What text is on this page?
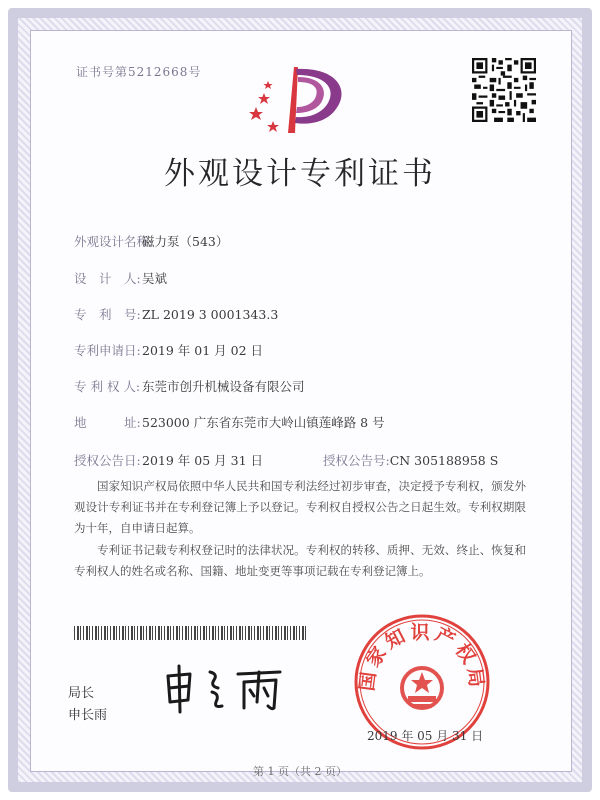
证书号第5212668号
外观设计专利证书
外观设计名称:磁力泵（543）
设　计　人:吴斌
专　利　号:ZL 2019 3 0001343.3
专利申请日:2019 年 01 月 02 日
专 利 权 人: 东莞市创升机械设备有限公司
地　　　址:523000 广东省东莞市大岭山镇莲峰路 8 号
授权公告日:2019 年 05 月 31 日	授权公告号:CN 305188958 S
国家知识产权局依照中华人民共和国专利法经过初步审查，决定授予专利权，颁发外观设计专利证书并在专利登记簿上予以登记。专利权自授权公告之日起生效。专利权期限为十年，自申请日起算。
专利证书记载专利权登记时的法律状况。专利权的转移、质押、无效、终止、恢复和专利权人的姓名或名称、国籍、地址变更等事项记载在专利登记簿上。
局长
申长雨
国家知识产权局
2019 年 05 月 31 日
第 1 页（共 2 页）
